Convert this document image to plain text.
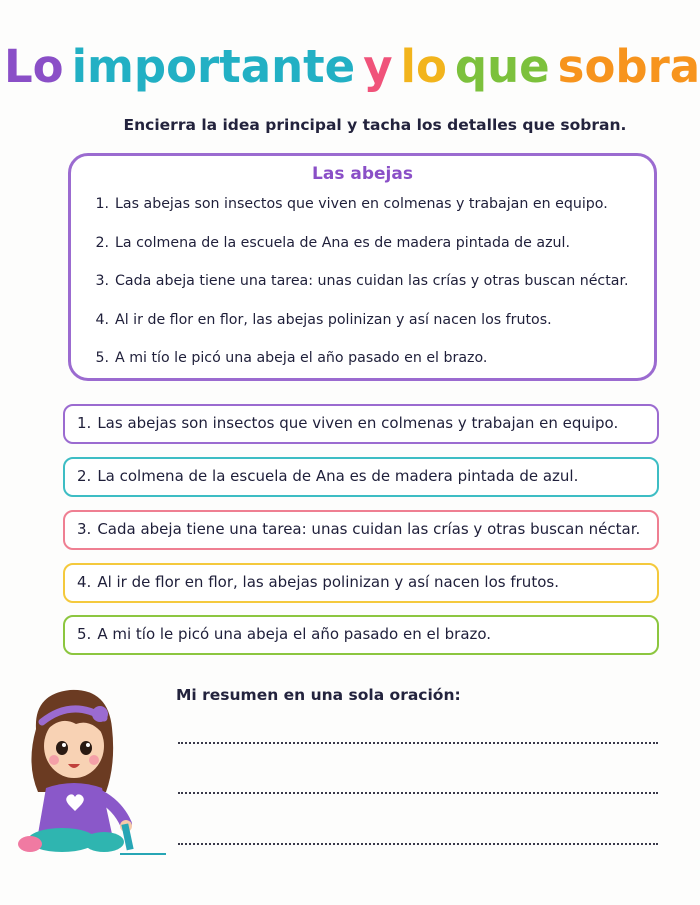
Lo importante y lo que sobra
Encierra la idea principal y tacha los detalles que sobran.
Las abejas
1. Las abejas son insectos que viven en colmenas y trabajan en equipo.
2. La colmena de la escuela de Ana es de madera pintada de azul.
3. Cada abeja tiene una tarea: unas cuidan las crías y otras buscan néctar.
4. Al ir de flor en flor, las abejas polinizan y así nacen los frutos.
5. A mi tío le picó una abeja el año pasado en el brazo.
1. Las abejas son insectos que viven en colmenas y trabajan en equipo.
2. La colmena de la escuela de Ana es de madera pintada de azul.
3. Cada abeja tiene una tarea: unas cuidan las crías y otras buscan néctar.
4. Al ir de flor en flor, las abejas polinizan y así nacen los frutos.
5. A mi tío le picó una abeja el año pasado en el brazo.
Mi resumen en una sola oración:
